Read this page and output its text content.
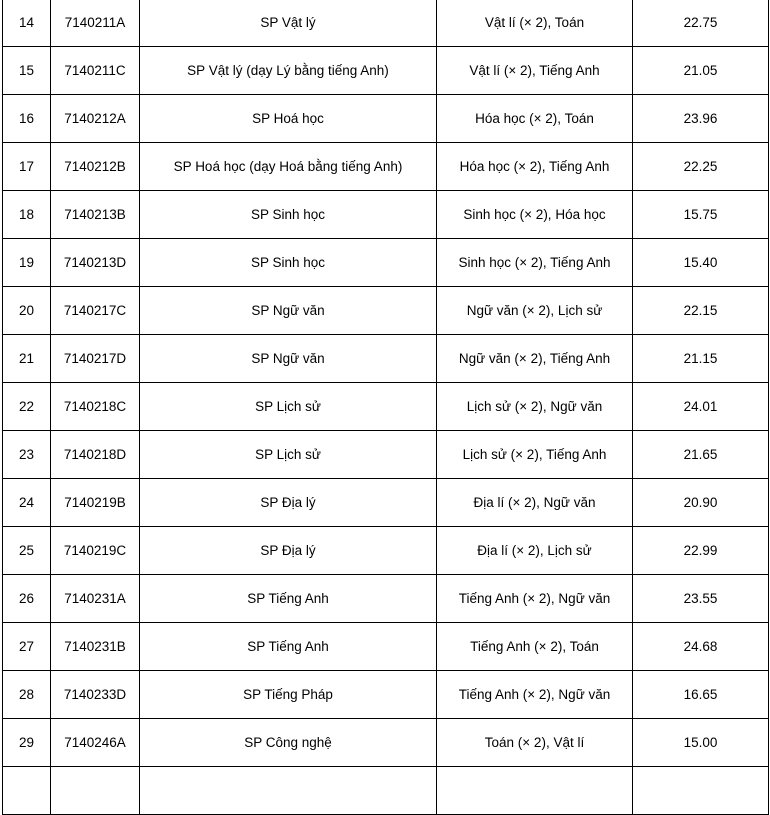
14	7140211A	SP Vật lý	Vật lí (× 2), Toán	22.75
15	7140211C	SP Vật lý (dạy Lý bằng tiếng Anh)	Vật lí (× 2), Tiếng Anh	21.05
16	7140212A	SP Hoá học	Hóa học (× 2), Toán	23.96
17	7140212B	SP Hoá học (dạy Hoá bằng tiếng Anh)	Hóa học (× 2), Tiếng Anh	22.25
18	7140213B	SP Sinh học	Sinh học (× 2), Hóa học	15.75
19	7140213D	SP Sinh học	Sinh học (× 2), Tiếng Anh	15.40
20	7140217C	SP Ngữ văn	Ngữ văn (× 2), Lịch sử	22.15
21	7140217D	SP Ngữ văn	Ngữ văn (× 2), Tiếng Anh	21.15
22	7140218C	SP Lịch sử	Lịch sử (× 2), Ngữ văn	24.01
23	7140218D	SP Lịch sử	Lịch sử (× 2), Tiếng Anh	21.65
24	7140219B	SP Địa lý	Địa lí (× 2), Ngữ văn	20.90
25	7140219C	SP Địa lý	Địa lí (× 2), Lịch sử	22.99
26	7140231A	SP Tiếng Anh	Tiếng Anh (× 2), Ngữ văn	23.55
27	7140231B	SP Tiếng Anh	Tiếng Anh (× 2), Toán	24.68
28	7140233D	SP Tiếng Pháp	Tiếng Anh (× 2), Ngữ văn	16.65
29	7140246A	SP Công nghệ	Toán (× 2), Vật lí	15.00
